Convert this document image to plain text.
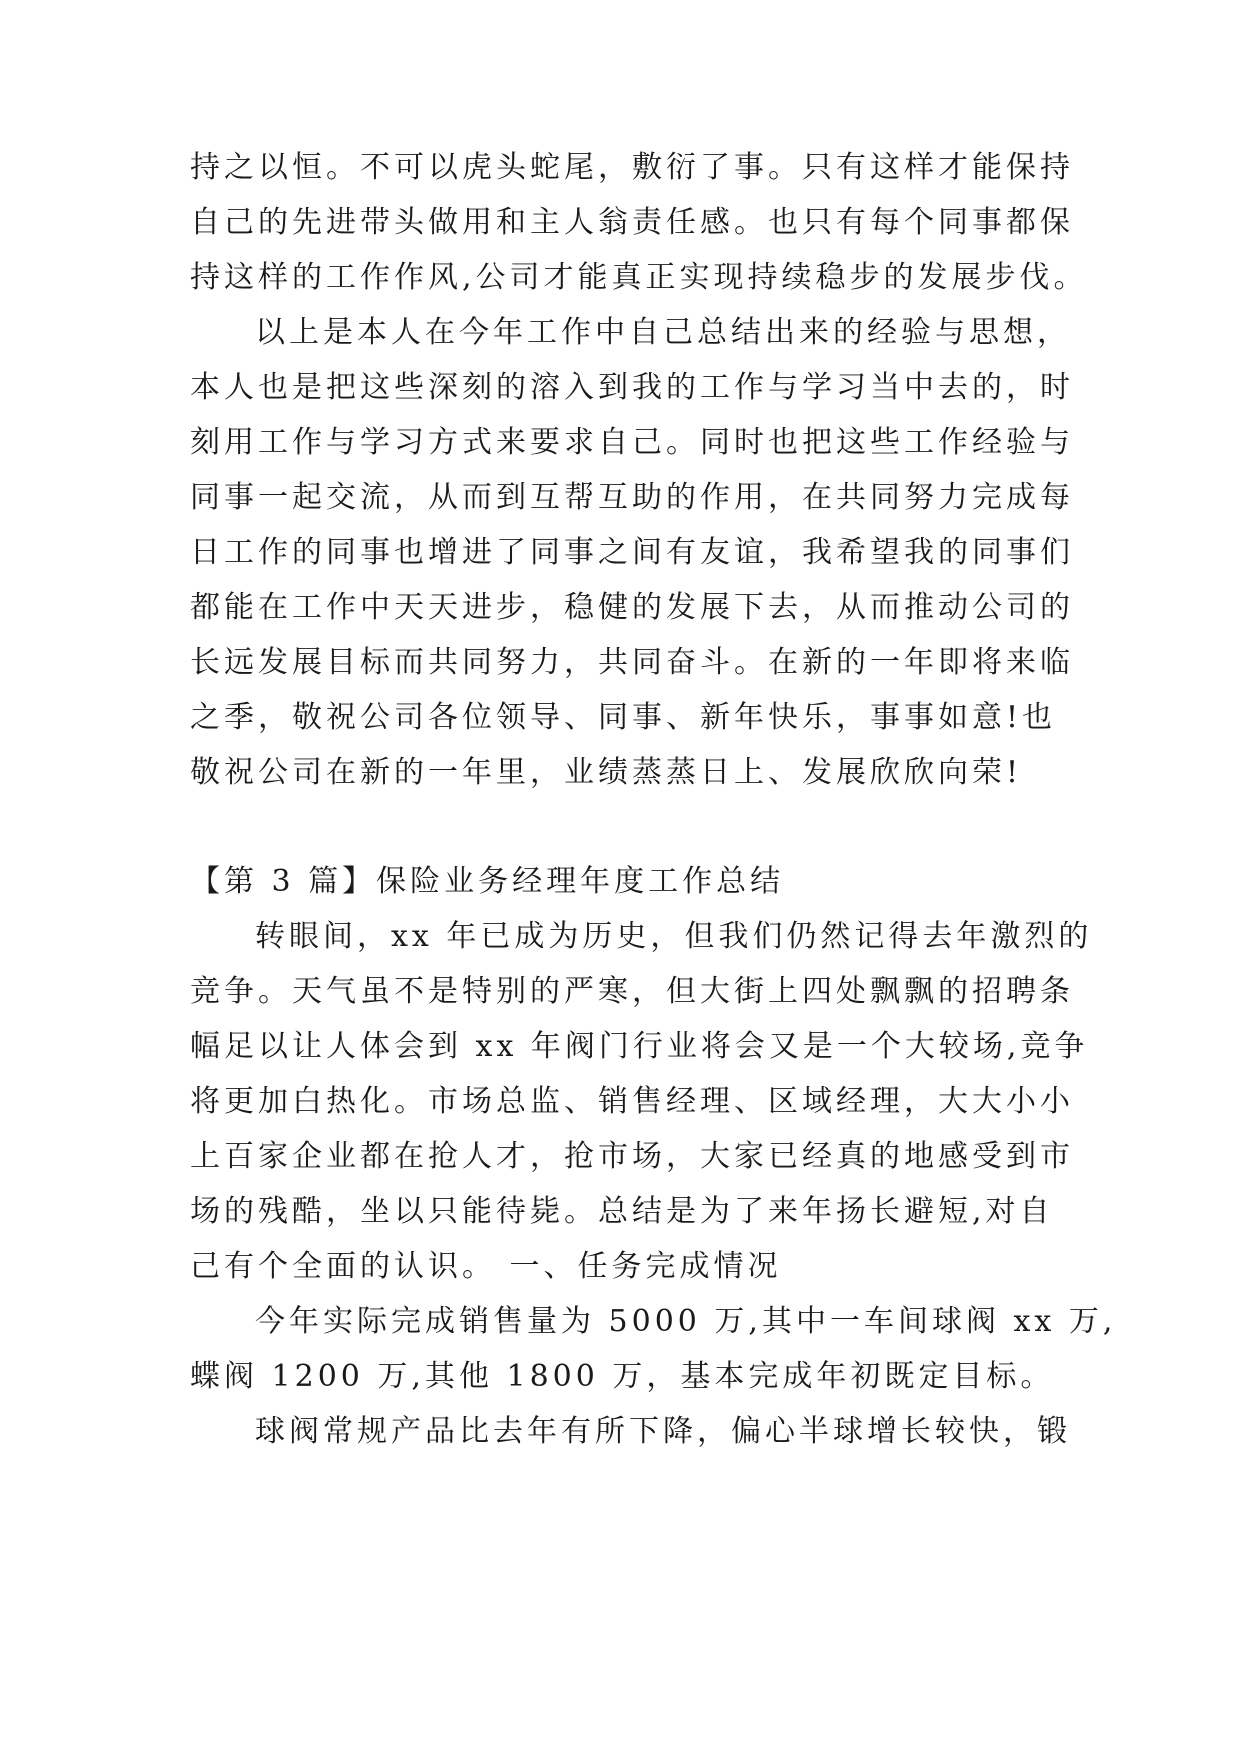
持之以恒。不可以虎头蛇尾，敷衍了事。只有这样才能保持
自己的先进带头做用和主人翁责任感。也只有每个同事都保
持这样的工作作风,公司才能真正实现持续稳步的发展步伐。
以上是本人在今年工作中自己总结出来的经验与思想，
本人也是把这些深刻的溶入到我的工作与学习当中去的，时
刻用工作与学习方式来要求自己。同时也把这些工作经验与
同事一起交流，从而到互帮互助的作用，在共同努力完成每
日工作的同事也增进了同事之间有友谊，我希望我的同事们
都能在工作中天天进步，稳健的发展下去，从而推动公司的
长远发展目标而共同努力，共同奋斗。在新的一年即将来临
之季，敬祝公司各位领导、同事、新年快乐，事事如意!也
敬祝公司在新的一年里，业绩蒸蒸日上、发展欣欣向荣!
【第 3 篇】保险业务经理年度工作总结
转眼间，xx 年已成为历史，但我们仍然记得去年激烈的
竞争。天气虽不是特别的严寒，但大街上四处飘飘的招聘条
幅足以让人体会到 xx 年阀门行业将会又是一个大较场,竞争
将更加白热化。市场总监、销售经理、区域经理，大大小小
上百家企业都在抢人才，抢市场，大家已经真的地感受到市
场的残酷，坐以只能待毙。总结是为了来年扬长避短,对自
己有个全面的认识。 一、任务完成情况
今年实际完成销售量为 5000 万,其中一车间球阀 xx 万,
蝶阀 1200 万,其他 1800 万，基本完成年初既定目标。
球阀常规产品比去年有所下降，偏心半球增长较快，锻
